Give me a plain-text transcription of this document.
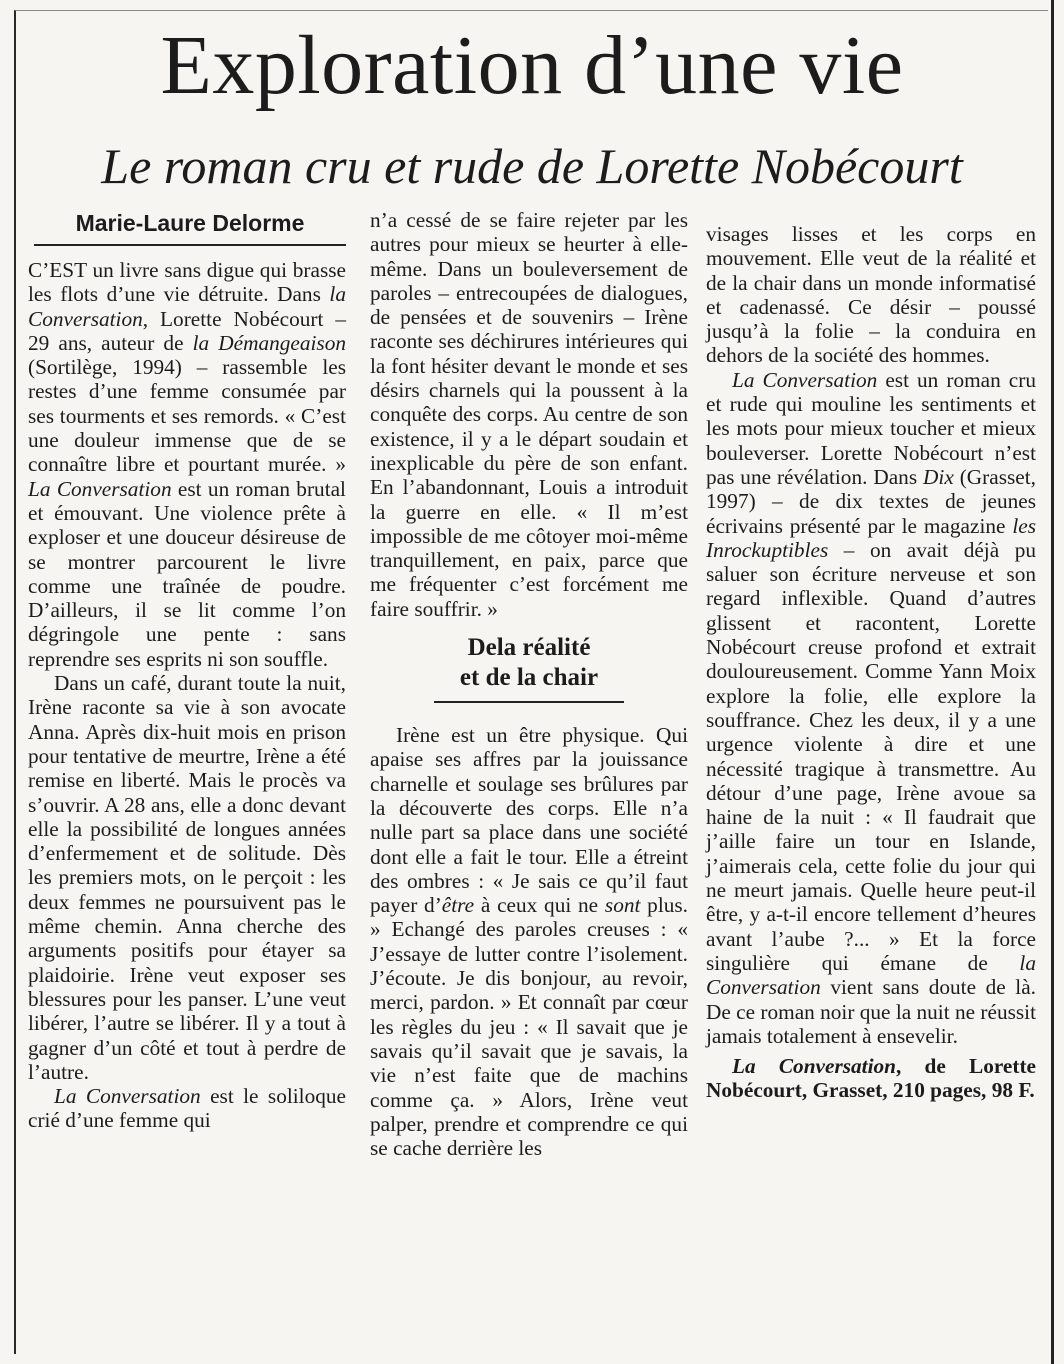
Exploration d’une vie
Le roman cru et rude de Lorette Nobécourt

Marie-Laure Delorme

C’EST un livre sans digue qui brasse les flots d’une vie détruite. Dans la Conversation, Lorette Nobécourt – 29 ans, auteur de la Démangeaison (Sortilège, 1994) – rassemble les restes d’une femme consumée par ses tourments et ses remords. « C’est une douleur immense que de se connaître libre et pourtant murée. » La Conversation est un roman brutal et émouvant. Une violence prête à exploser et une douceur désireuse de se montrer parcourent le livre comme une traînée de poudre. D’ailleurs, il se lit comme l’on dégringole une pente : sans reprendre ses esprits ni son souffle.

Dans un café, durant toute la nuit, Irène raconte sa vie à son avocate Anna. Après dix-huit mois en prison pour tentative de meurtre, Irène a été remise en liberté. Mais le procès va s’ouvrir. A 28 ans, elle a donc devant elle la possibilité de longues années d’enfermement et de solitude. Dès les premiers mots, on le perçoit : les deux femmes ne poursuivent pas le même chemin. Anna cherche des arguments positifs pour étayer sa plaidoirie. Irène veut exposer ses blessures pour les panser. L’une veut libérer, l’autre se libérer. Il y a tout à gagner d’un côté et tout à perdre de l’autre.

La Conversation est le soliloque crié d’une femme qui

n’a cessé de se faire rejeter par les autres pour mieux se heurter à elle-même. Dans un bouleversement de paroles – entrecoupées de dialogues, de pensées et de souvenirs – Irène raconte ses déchirures intérieures qui la font hésiter devant le monde et ses désirs charnels qui la poussent à la conquête des corps. Au centre de son existence, il y a le départ soudain et inexplicable du père de son enfant. En l’abandonnant, Louis a introduit la guerre en elle. « Il m’est impossible de me côtoyer moi-même tranquillement, en paix, parce que me fréquenter c’est forcément me faire souffrir. »

Dela réalité
et de la chair

Irène est un être physique. Qui apaise ses affres par la jouissance charnelle et soulage ses brûlures par la découverte des corps. Elle n’a nulle part sa place dans une société dont elle a fait le tour. Elle a étreint des ombres : « Je sais ce qu’il faut payer d’être à ceux qui ne sont plus. » Echangé des paroles creuses : « J’essaye de lutter contre l’isolement. J’écoute. Je dis bonjour, au revoir, merci, pardon. » Et connaît par cœur les règles du jeu : « Il savait que je savais qu’il savait que je savais, la vie n’est faite que de machins comme ça. » Alors, Irène veut palper, prendre et comprendre ce qui se cache derrière les

visages lisses et les corps en mouvement. Elle veut de la réalité et de la chair dans un monde informatisé et cadenassé. Ce désir – poussé jusqu’à la folie – la conduira en dehors de la société des hommes.

La Conversation est un roman cru et rude qui mouline les sentiments et les mots pour mieux toucher et mieux bouleverser. Lorette Nobécourt n’est pas une révélation. Dans Dix (Grasset, 1997) – de dix textes de jeunes écrivains présenté par le magazine les Inrockuptibles – on avait déjà pu saluer son écriture nerveuse et son regard inflexible. Quand d’autres glissent et racontent, Lorette Nobécourt creuse profond et extrait douloureusement. Comme Yann Moix explore la folie, elle explore la souffrance. Chez les deux, il y a une urgence violente à dire et une nécessité tragique à transmettre. Au détour d’une page, Irène avoue sa haine de la nuit : « Il faudrait que j’aille faire un tour en Islande, j’aimerais cela, cette folie du jour qui ne meurt jamais. Quelle heure peut-il être, y a-t-il encore tellement d’heures avant l’aube ?... » Et la force singulière qui émane de la Conversation vient sans doute de là. De ce roman noir que la nuit ne réussit jamais totalement à ensevelir.

La Conversation, de Lorette Nobécourt, Grasset, 210 pages, 98 F.
